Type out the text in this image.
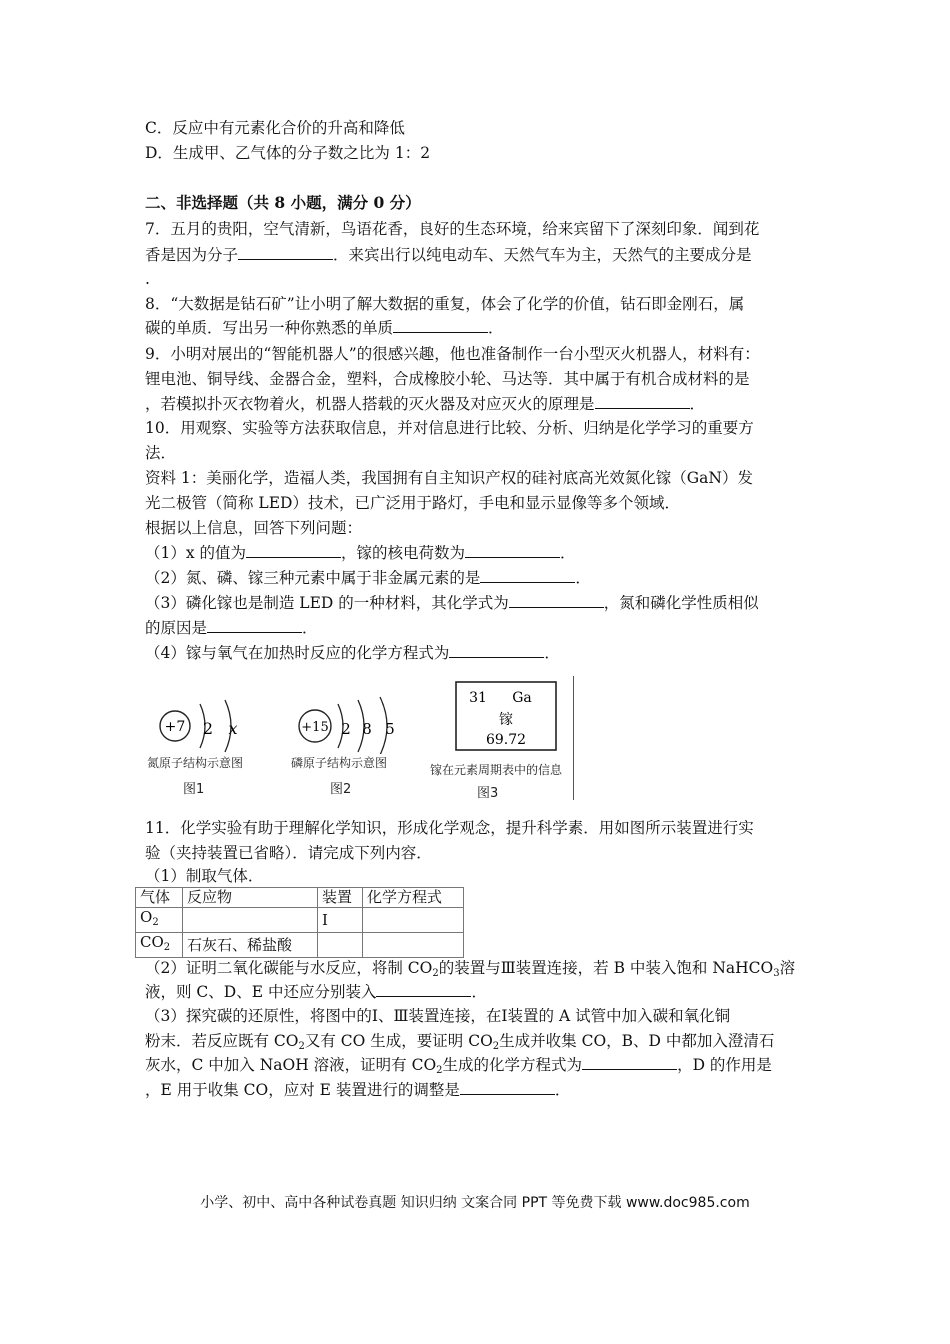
C．反应中有元素化合价的升高和降低
D．生成甲、乙气体的分子数之比为 1：2
二、非选择题（共 8 小题，满分 0 分）
7．五月的贵阳，空气清新，鸟语花香，良好的生态环境，给来宾留下了深刻印象．闻到花
香是因为分子	．来宾出行以纯电动车、天然气车为主，天然气的主要成分是
.
8．“大数据是钻石矿”让小明了解大数据的重复，体会了化学的价值，钻石即金刚石，属
碳的单质．写出另一种你熟悉的单质	．
9．小明对展出的“智能机器人”的很感兴趣，他也准备制作一台小型灭火机器人，材料有：
锂电池、铜导线、金器合金，塑料，合成橡胶小轮、马达等．其中属于有机合成材料的是
，若模拟扑灭衣物着火，机器人搭载的灭火器及对应灭火的原理是	．
10．用观察、实验等方法获取信息，并对信息进行比较、分析、归纳是化学学习的重要方
法．
资料 1：美丽化学，造福人类，我国拥有自主知识产权的硅衬底高光效氮化镓（GaN）发
光二极管（简称 LED）技术，已广泛用于路灯，手电和显示显像等多个领域．
根据以上信息，回答下列问题：
（1）x 的值为	，镓的核电荷数为	．
（2）氮、磷、镓三种元素中属于非金属元素的是	．
（3）磷化镓也是制造 LED 的一种材料，其化学式为	，氮和磷化学性质相似
的原因是	．
（4）镓与氧气在加热时反应的化学方程式为	．
+7 2 x
氮原子结构示意图
图1
+15 2 8 5
磷原子结构示意图
图2
31 Ga
镓
69.72
镓在元素周期表中的信息
图3
11．化学实验有助于理解化学知识，形成化学观念，提升科学素．用如图所示装置进行实
验（夹持装置已省略）．请完成下列内容．
（1）制取气体．
气体	反应物	装置	化学方程式
$O_2$		Ⅰ	
$CO_2$	石灰石、稀盐酸		
（2）证明二氧化碳能与水反应，将制 $CO_2$的装置与Ⅲ装置连接，若 B 中装入饱和 NaHCO$_3$溶
液，则 C、D、E 中还应分别装入	．
（3）探究碳的还原性，将图中的Ⅰ、Ⅲ装置连接，在Ⅰ装置的 A 试管中加入碳和氧化铜
粉末．若反应既有 $CO_2$又有 CO 生成，要证明 $CO_2$生成并收集 CO，B、D 中都加入澄清石
灰水，C 中加入 NaOH 溶液，证明有 $CO_2$生成的化学方程式为	，D 的作用是
，E 用于收集 CO，应对 E 装置进行的调整是	．
小学、初中、高中各种试卷真题 知识归纳 文案合同 PPT 等免费下载 www.doc985.com
